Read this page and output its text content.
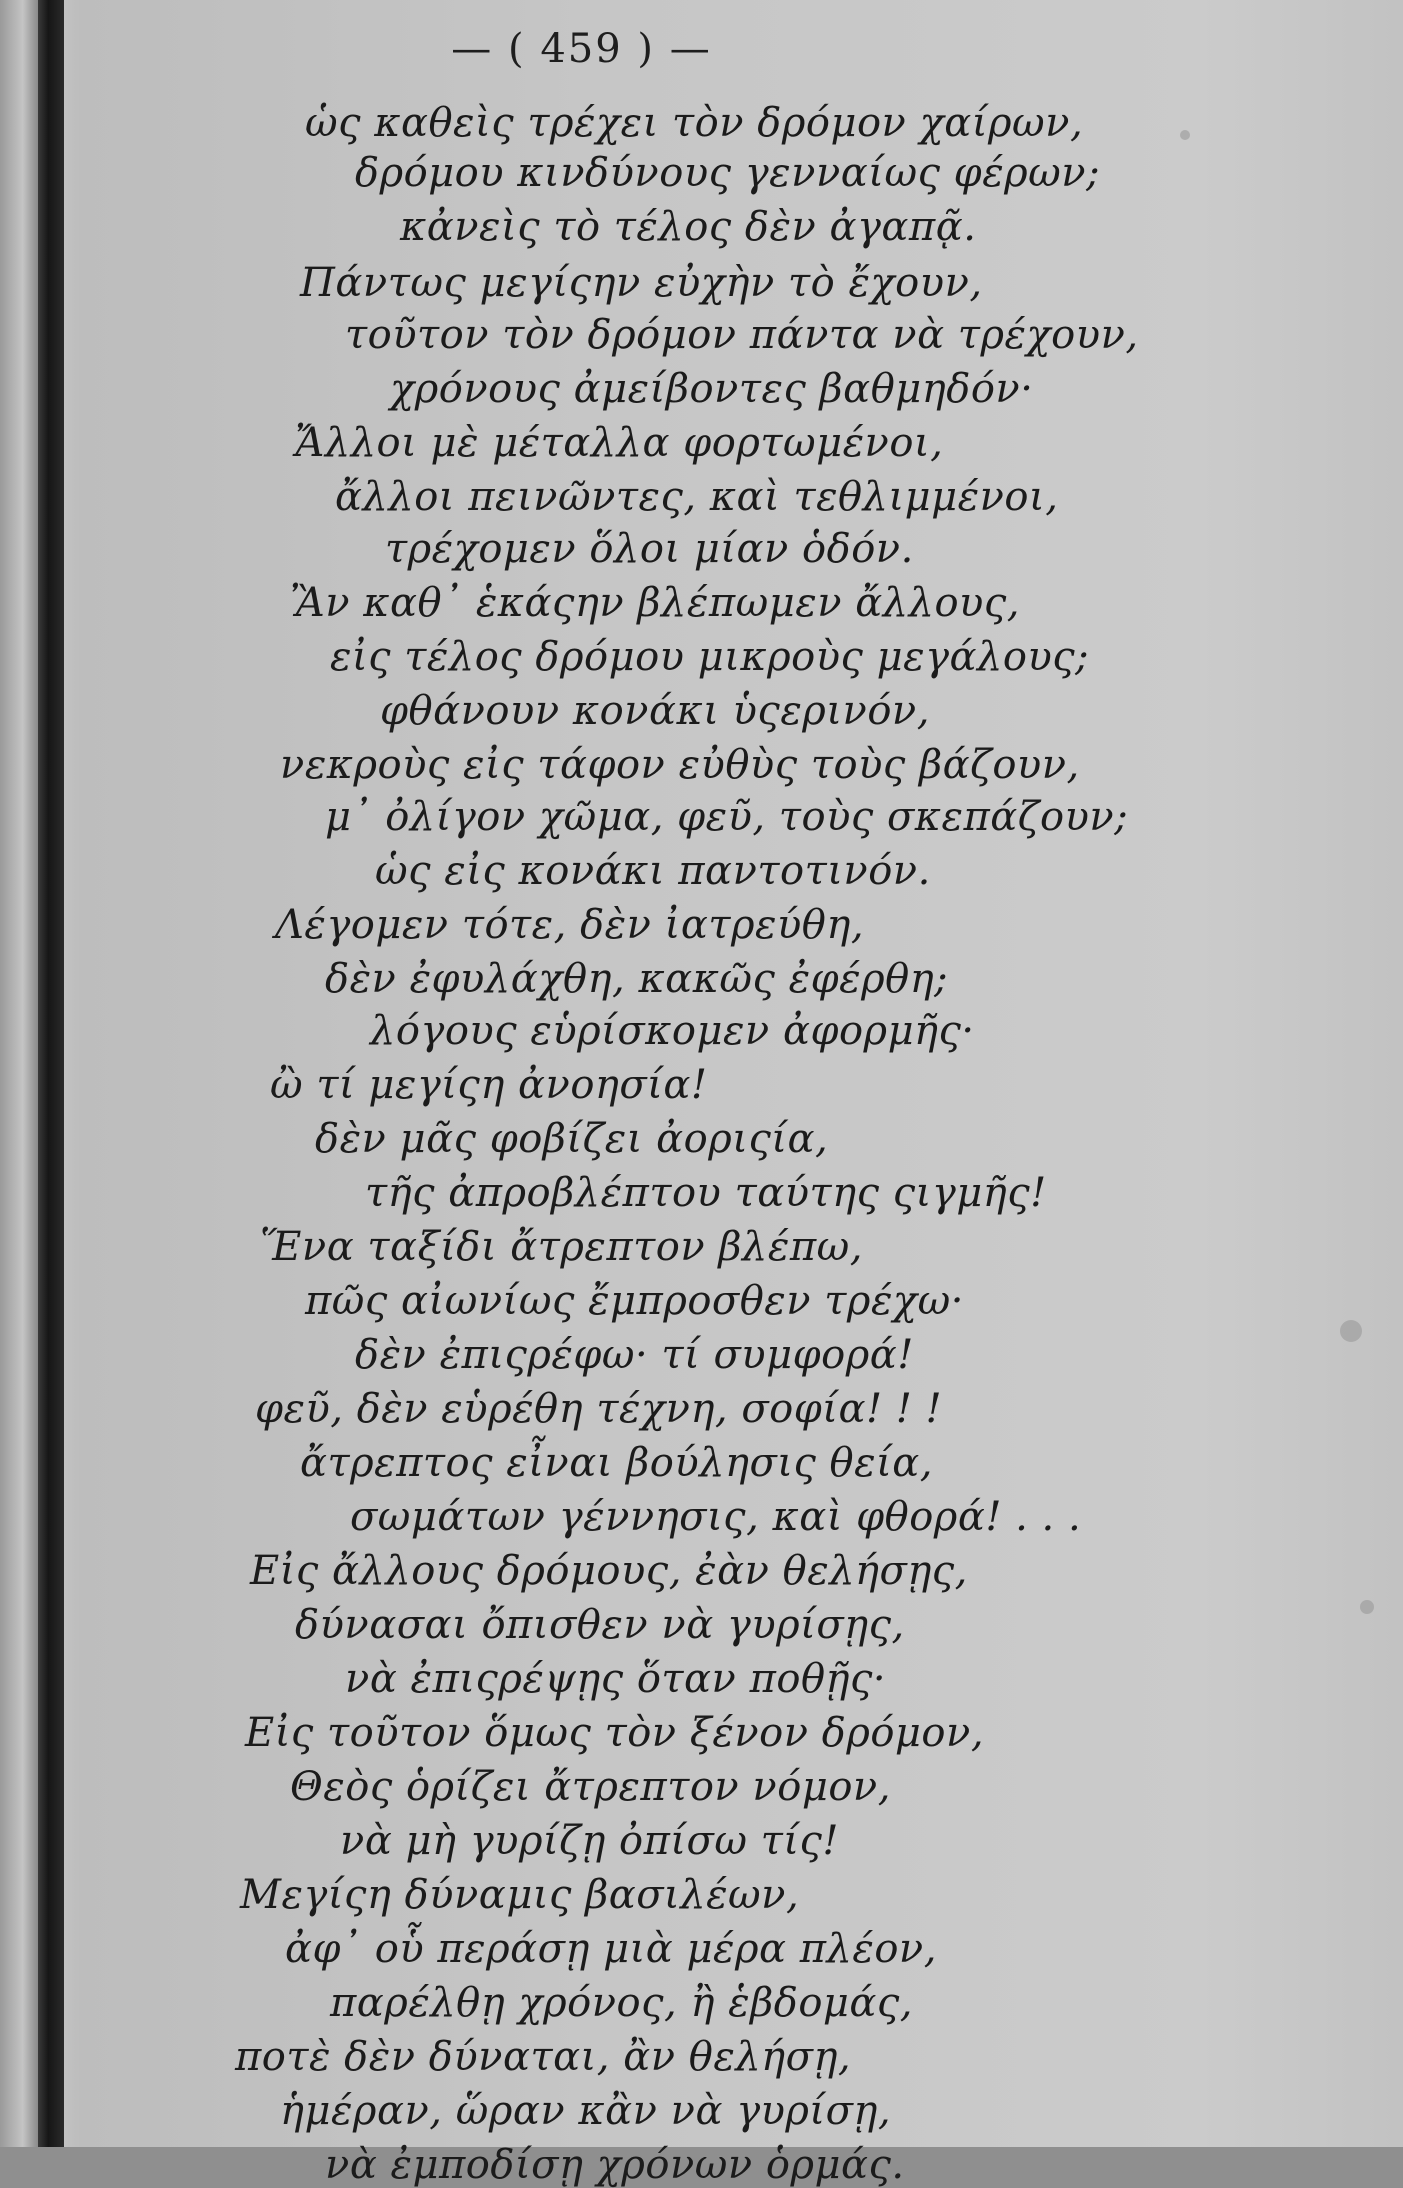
— ( 459 ) —
ὡς καθεὶς τρέχει τὸν δρόμον χαίρων,
δρόμου κινδύνους γενναίως φέρων;
κἀνεὶς τὸ τέλος δὲν ἀγαπᾷ.
Πάντως μεγίςην εὐχὴν τὸ ἔχουν,
τοῦτον τὸν δρόμον πάντα νὰ τρέχουν,
χρόνους ἀμείβοντες βαθμηδόν·
Ἄλλοι μὲ μέταλλα φορτωμένοι,
ἄλλοι πεινῶντες, καὶ τεθλιμμένοι,
τρέχομεν ὅλοι μίαν ὁδόν.
Ἂν καθ᾽ ἑκάςην βλέπωμεν ἄλλους,
εἰς τέλος δρόμου μικροὺς μεγάλους;
φθάνουν κονάκι ὑςερινόν,
νεκροὺς εἰς τάφον εὐθὺς τοὺς βάζουν,
μ᾽ ὀλίγον χῶμα, φεῦ, τοὺς σκεπάζουν;
ὡς εἰς κονάκι παντοτινόν.
Λέγομεν τότε, δὲν ἰατρεύθη,
δὲν ἐφυλάχθη, κακῶς ἐφέρθη;
λόγους εὑρίσκομεν ἀφορμῆς·
ὢ τί μεγίςη ἀνοησία!
δὲν μᾶς φοβίζει ἀοριςία,
τῆς ἀπροβλέπτου ταύτης ςιγμῆς!
Ἕνα ταξίδι ἄτρεπτον βλέπω,
πῶς αἰωνίως ἔμπροσθεν τρέχω·
δὲν ἐπιςρέφω· τί συμφορά!
φεῦ, δὲν εὑρέθη τέχνη, σοφία! ! !
ἄτρεπτος εἶναι βούλησις θεία,
σωμάτων γέννησις, καὶ φθορά! . . .
Εἰς ἄλλους δρόμους, ἐὰν θελήσῃς,
δύνασαι ὄπισθεν νὰ γυρίσῃς,
νὰ ἐπιςρέψῃς ὅταν ποθῇς·
Εἰς τοῦτον ὅμως τὸν ξένον δρόμον,
Θεὸς ὁρίζει ἄτρεπτον νόμον,
νὰ μὴ γυρίζῃ ὀπίσω τίς!
Μεγίςη δύναμις βασιλέων,
ἀφ᾽ οὗ περάσῃ μιὰ μέρα πλέον,
παρέλθῃ χρόνος, ἢ ἑβδομάς,
ποτὲ δὲν δύναται, ἂν θελήσῃ,
ἡμέραν, ὥραν κἂν νὰ γυρίσῃ,
νὰ ἐμποδίσῃ χρόνων ὁρμάς.
